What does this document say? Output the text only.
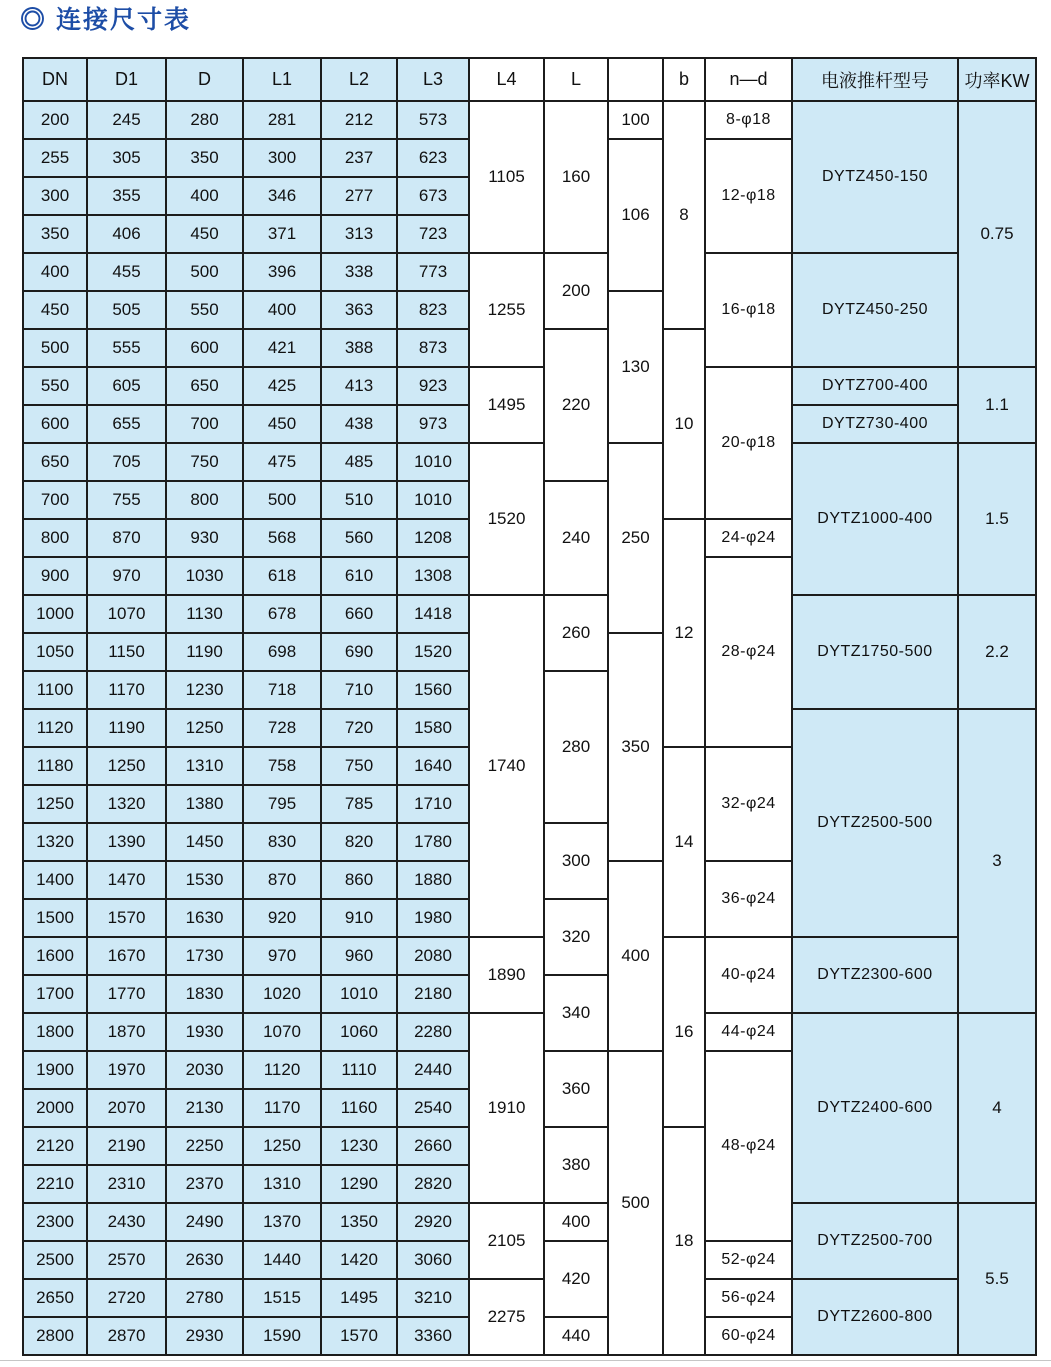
◎ 连接尺寸表
DN	D1	D	L1	L2	L3	L4	L		b	n—d	电液推杆型号	功率KW
200	245	280	281	212	573	1105	160	100	8	8-φ18	DYTZ450-150	0.75
255	305	350	300	237	623			106		12-φ18		
300	355	400	346	277	673							
350	406	450	371	313	723							
400	455	500	396	338	773	1255	200			16-φ18	DYTZ450-250	
450	505	550	400	363	823			130				
500	555	600	421	388	873		220		10			
550	605	650	425	413	923	1495				20-φ18	DYTZ700-400	1.1
600	655	700	450	438	973						DYTZ730-400	
650	705	750	475	485	1010	1520		250			DYTZ1000-400	1.5
700	755	800	500	510	1010		240					
800	870	930	568	560	1208				12	24-φ24		
900	970	1030	618	610	1308					28-φ24		
1000	1070	1130	678	660	1418	1740	260				DYTZ1750-500	2.2
1050	1150	1190	698	690	1520			350				
1100	1170	1230	718	710	1560		280					
1120	1190	1250	728	720	1580						DYTZ2500-500	3
1180	1250	1310	758	750	1640				14	32-φ24		
1250	1320	1380	795	785	1710							
1320	1390	1450	830	820	1780		300					
1400	1470	1530	870	860	1880			400		36-φ24		
1500	1570	1630	920	910	1980		320					
1600	1670	1730	970	960	2080	1890			16	40-φ24	DYTZ2300-600	
1700	1770	1830	1020	1010	2180		340					
1800	1870	1930	1070	1060	2280	1910				44-φ24	DYTZ2400-600	4
1900	1970	2030	1120	1110	2440		360	500		48-φ24		
2000	2070	2130	1170	1160	2540							
2120	2190	2250	1250	1230	2660		380		18			
2210	2310	2370	1310	1290	2820							
2300	2430	2490	1370	1350	2920	2105	400				DYTZ2500-700	5.5
2500	2570	2630	1440	1420	3060		420			52-φ24		
2650	2720	2780	1515	1495	3210	2275				56-φ24	DYTZ2600-800	
2800	2870	2930	1590	1570	3360		440			60-φ24		
